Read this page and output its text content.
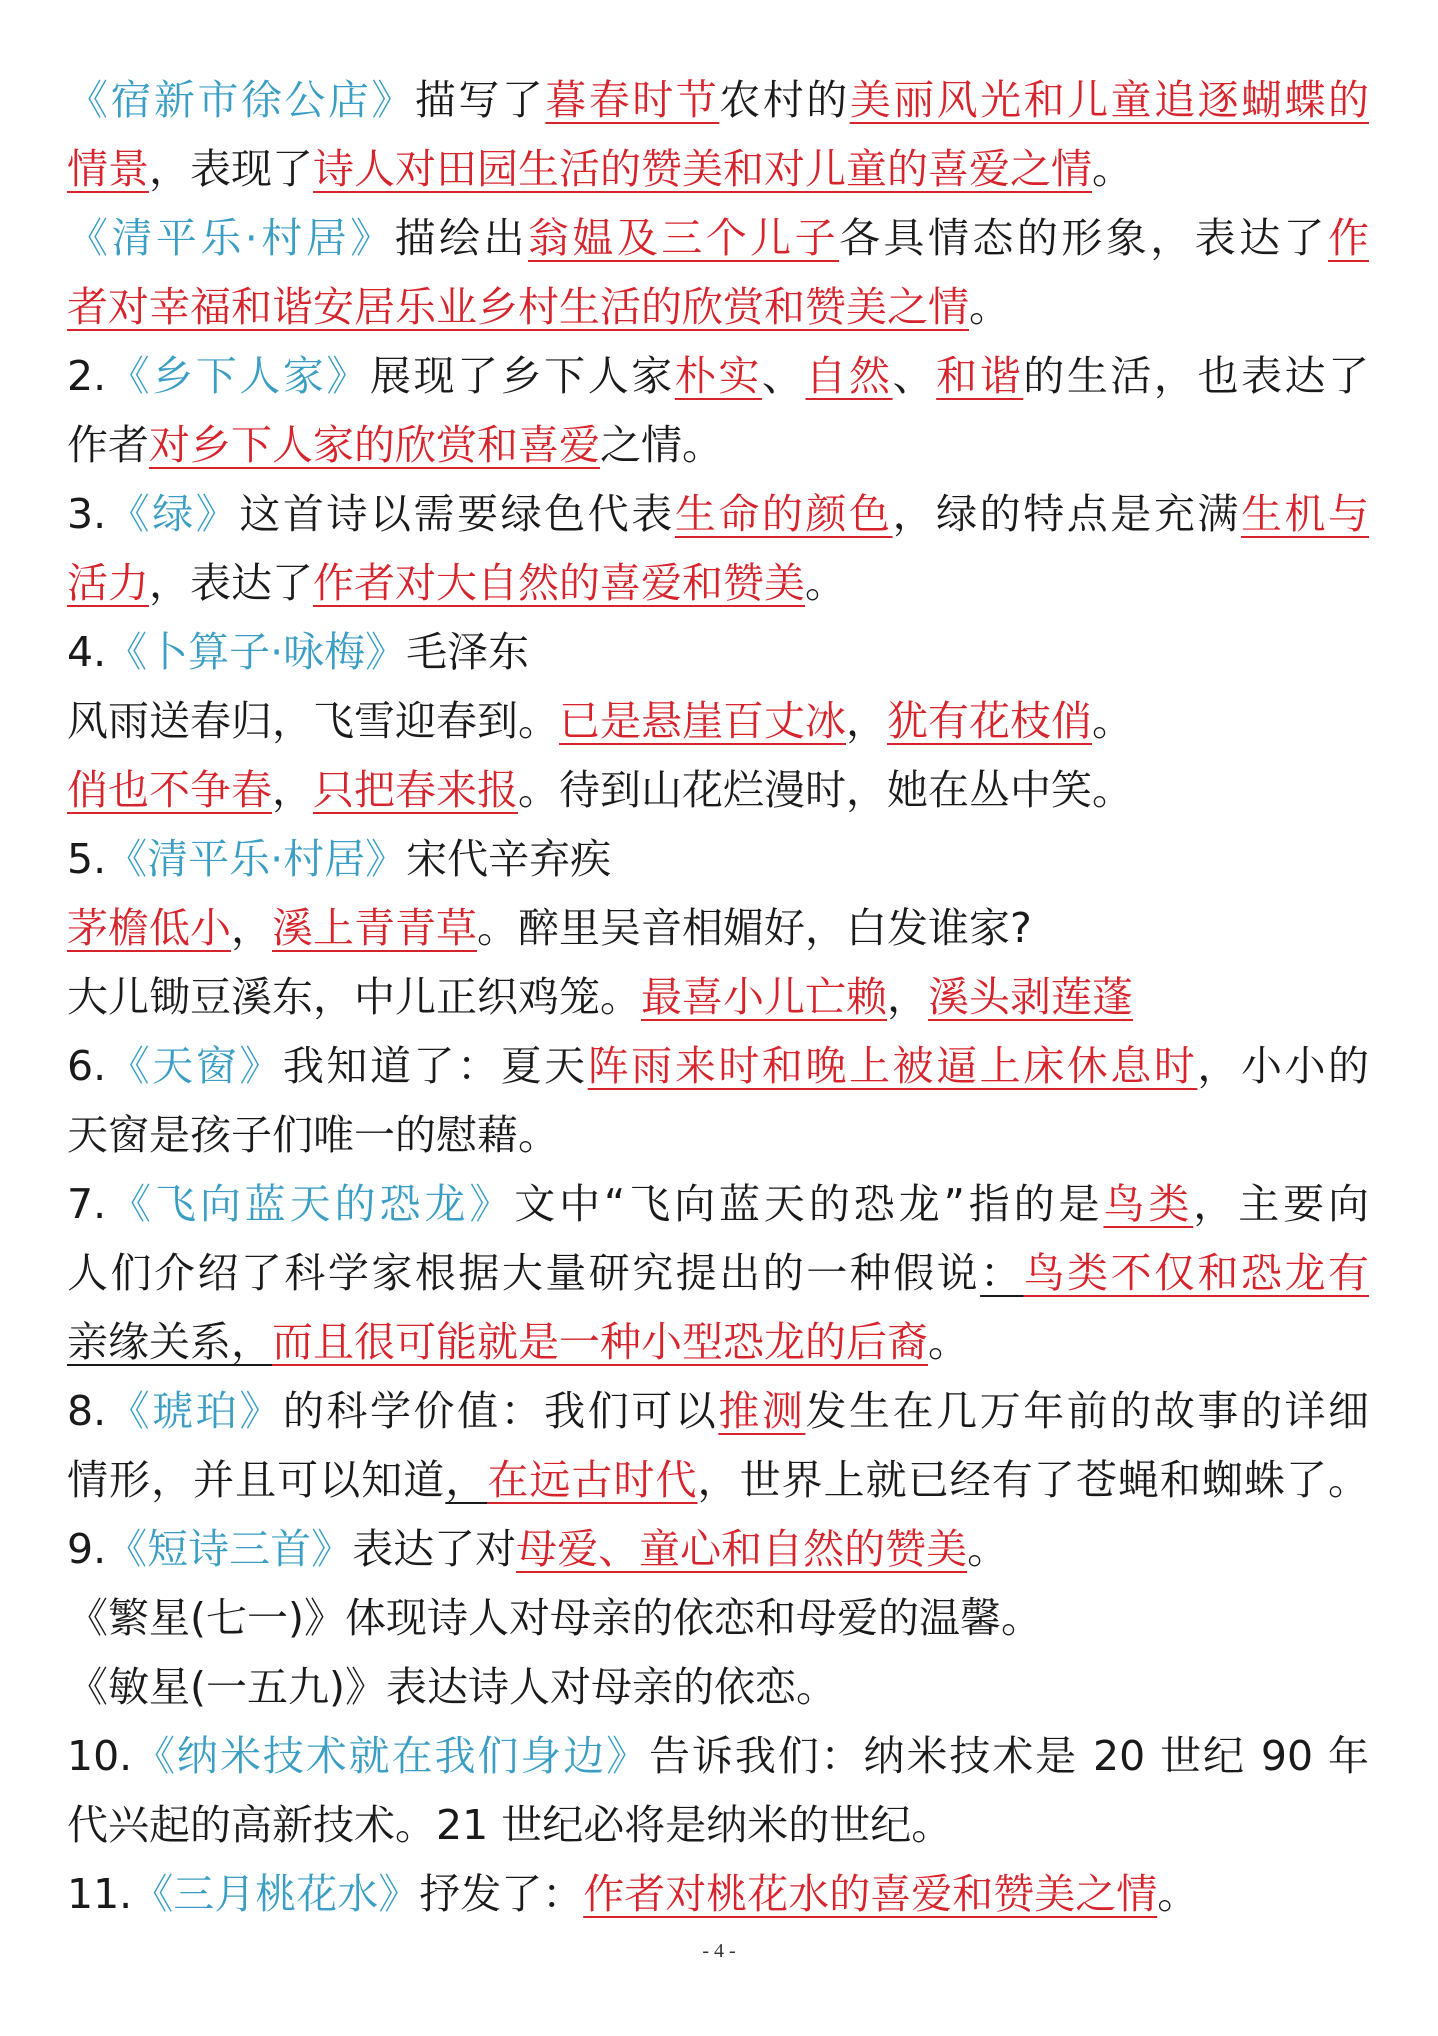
《宿新市徐公店》描写了暮春时节农村的美丽风光和儿童追逐蝴蝶的
情景，表现了诗人对田园生活的赞美和对儿童的喜爱之情。
《清平乐·村居》描绘出翁媪及三个儿子各具情态的形象，表达了作
者对幸福和谐安居乐业乡村生活的欣赏和赞美之情。
2.《乡下人家》展现了乡下人家朴实、自然、和谐的生活，也表达了
作者对乡下人家的欣赏和喜爱之情。
3.《绿》这首诗以需要绿色代表生命的颜色，绿的特点是充满生机与
活力，表达了作者对大自然的喜爱和赞美。
4.《卜算子·咏梅》毛泽东
风雨送春归，飞雪迎春到。已是悬崖百丈冰，犹有花枝俏。
俏也不争春，只把春来报。待到山花烂漫时，她在丛中笑。
5.《清平乐·村居》宋代辛弃疾
茅檐低小，溪上青青草。醉里吴音相媚好，白发谁家?
大儿锄豆溪东，中儿正织鸡笼。最喜小儿亡赖，溪头剥莲蓬
6.《天窗》我知道了：夏天阵雨来时和晚上被逼上床休息时，小小的
天窗是孩子们唯一的慰藉。
7.《飞向蓝天的恐龙》文中“飞向蓝天的恐龙”指的是鸟类，主要向
人们介绍了科学家根据大量研究提出的一种假说：鸟类不仅和恐龙有
亲缘关系，而且很可能就是一种小型恐龙的后裔。
8.《琥珀》的科学价值：我们可以推测发生在几万年前的故事的详细
情形，并且可以知道，在远古时代，世界上就已经有了苍蝇和蜘蛛了。
9.《短诗三首》表达了对母爱、童心和自然的赞美。
《繁星(七一)》体现诗人对母亲的依恋和母爱的温馨。
《敏星(一五九)》表达诗人对母亲的依恋。
10.《纳米技术就在我们身边》告诉我们：纳米技术是 20 世纪 90 年
代兴起的高新技术。21 世纪必将是纳米的世纪。
11.《三月桃花水》抒发了：作者对桃花水的喜爱和赞美之情。
- 4 -
